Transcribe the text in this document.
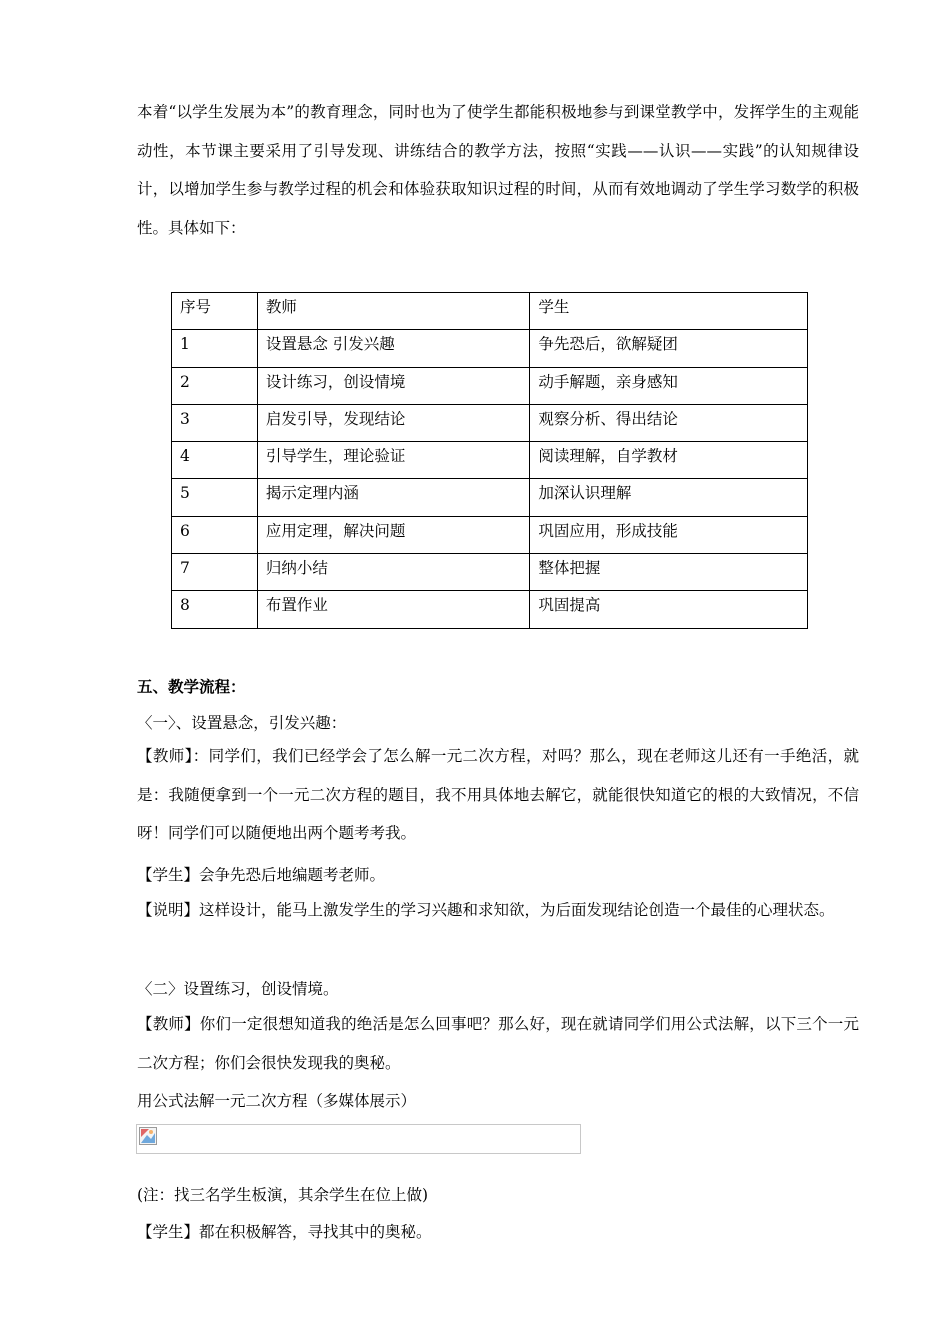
本着“以学生发展为本”的教育理念，同时也为了使学生都能积极地参与到课堂教学中，发挥学生的主观能动性，本节课主要采用了引导发现、讲练结合的教学方法，按照“实践——认识——实践”的认知规律设计，以增加学生参与教学过程的机会和体验获取知识过程的时间，从而有效地调动了学生学习数学的积极性。具体如下：

序号	教师	学生
1	设置悬念 引发兴趣	争先恐后，欲解疑团
2	设计练习，创设情境	动手解题，亲身感知
3	启发引导，发现结论	观察分析、得出结论
4	引导学生，理论验证	阅读理解，自学教材
5	揭示定理内涵	加深认识理解
6	应用定理，解决问题	巩固应用，形成技能
7	归纳小结	整体把握
8	布置作业	巩固提高

五、教学流程：

〈一〉、设置悬念，引发兴趣：

【教师】：同学们，我们已经学会了怎么解一元二次方程，对吗？那么，现在老师这儿还有一手绝活，就是：我随便拿到一个一元二次方程的题目，我不用具体地去解它，就能很快知道它的根的大致情况，不信呀！同学们可以随便地出两个题考考我。

【学生】会争先恐后地编题考老师。

【说明】这样设计，能马上激发学生的学习兴趣和求知欲，为后面发现结论创造一个最佳的心理状态。

〈二〉设置练习，创设情境。

【教师】你们一定很想知道我的绝活是怎么回事吧？那么好，现在就请同学们用公式法解，以下三个一元二次方程；你们会很快发现我的奥秘。

用公式法解一元二次方程（多媒体展示）

(注：找三名学生板演，其余学生在位上做)

【学生】都在积极解答，寻找其中的奥秘。
